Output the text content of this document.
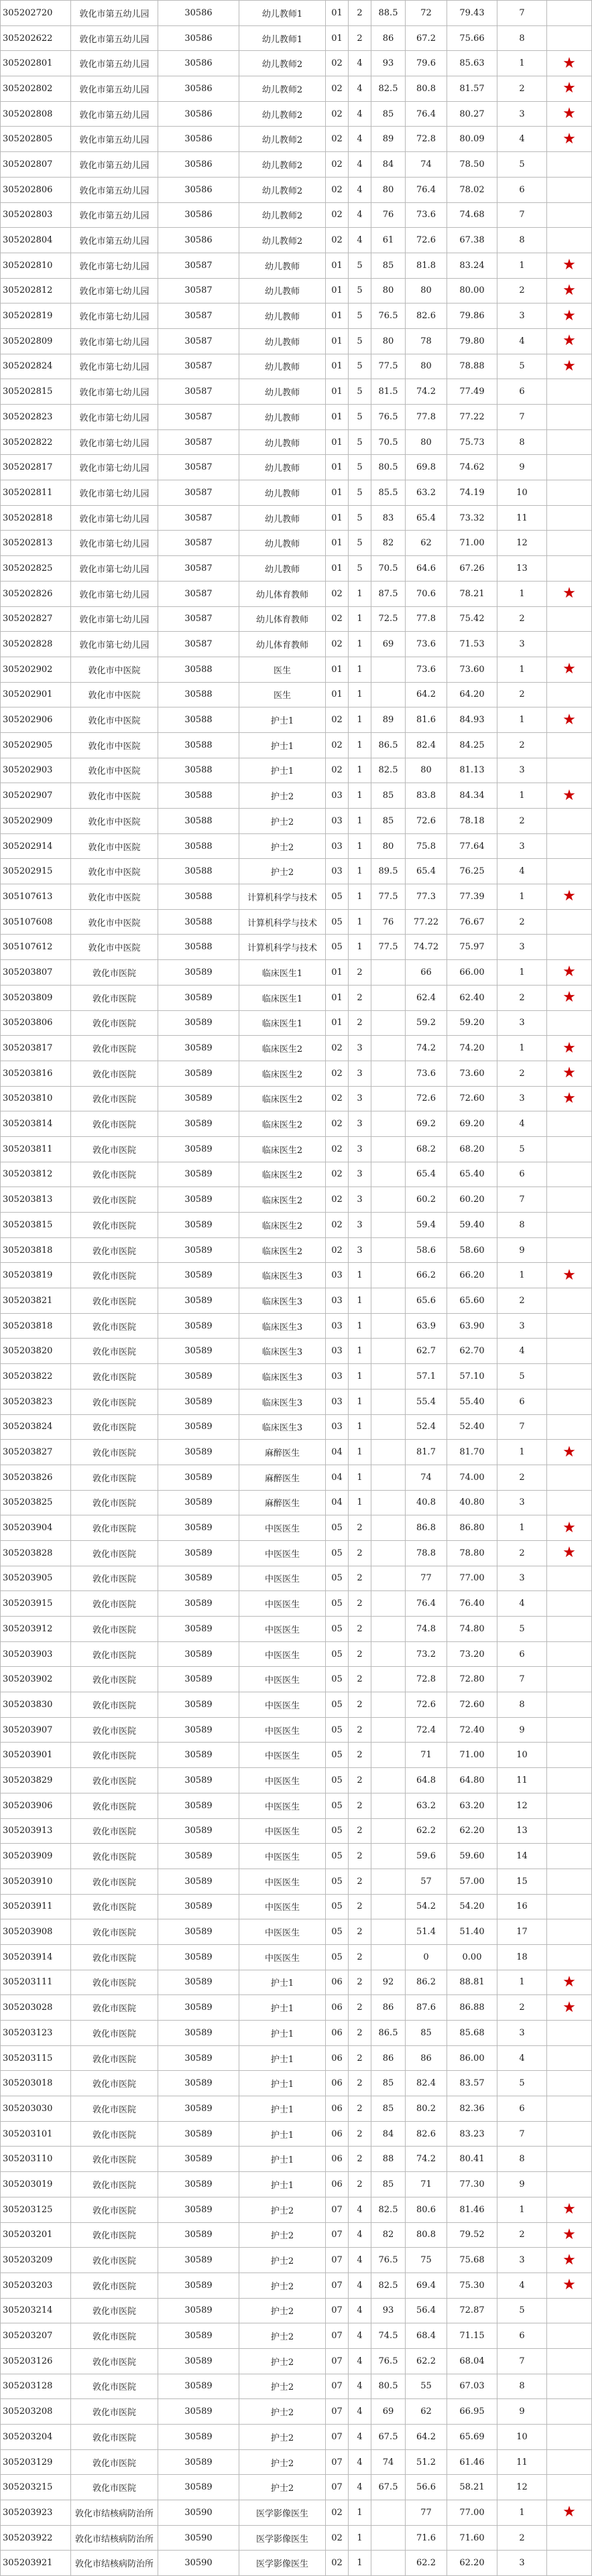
305202720	敦化市第五幼儿园	30586	幼儿教师1	01	2	88.5	72	79.43	7	
305202622	敦化市第五幼儿园	30586	幼儿教师1	01	2	86	67.2	75.66	8	
305202801	敦化市第五幼儿园	30586	幼儿教师2	02	4	93	79.6	85.63	1	★
305202802	敦化市第五幼儿园	30586	幼儿教师2	02	4	82.5	80.8	81.57	2	★
305202808	敦化市第五幼儿园	30586	幼儿教师2	02	4	85	76.4	80.27	3	★
305202805	敦化市第五幼儿园	30586	幼儿教师2	02	4	89	72.8	80.09	4	★
305202807	敦化市第五幼儿园	30586	幼儿教师2	02	4	84	74	78.50	5	
305202806	敦化市第五幼儿园	30586	幼儿教师2	02	4	80	76.4	78.02	6	
305202803	敦化市第五幼儿园	30586	幼儿教师2	02	4	76	73.6	74.68	7	
305202804	敦化市第五幼儿园	30586	幼儿教师2	02	4	61	72.6	67.38	8	
305202810	敦化市第七幼儿园	30587	幼儿教师	01	5	85	81.8	83.24	1	★
305202812	敦化市第七幼儿园	30587	幼儿教师	01	5	80	80	80.00	2	★
305202819	敦化市第七幼儿园	30587	幼儿教师	01	5	76.5	82.6	79.86	3	★
305202809	敦化市第七幼儿园	30587	幼儿教师	01	5	80	78	79.80	4	★
305202824	敦化市第七幼儿园	30587	幼儿教师	01	5	77.5	80	78.88	5	★
305202815	敦化市第七幼儿园	30587	幼儿教师	01	5	81.5	74.2	77.49	6	
305202823	敦化市第七幼儿园	30587	幼儿教师	01	5	76.5	77.8	77.22	7	
305202822	敦化市第七幼儿园	30587	幼儿教师	01	5	70.5	80	75.73	8	
305202817	敦化市第七幼儿园	30587	幼儿教师	01	5	80.5	69.8	74.62	9	
305202811	敦化市第七幼儿园	30587	幼儿教师	01	5	85.5	63.2	74.19	10	
305202818	敦化市第七幼儿园	30587	幼儿教师	01	5	83	65.4	73.32	11	
305202813	敦化市第七幼儿园	30587	幼儿教师	01	5	82	62	71.00	12	
305202825	敦化市第七幼儿园	30587	幼儿教师	01	5	70.5	64.6	67.26	13	
305202826	敦化市第七幼儿园	30587	幼儿体育教师	02	1	87.5	70.6	78.21	1	★
305202827	敦化市第七幼儿园	30587	幼儿体育教师	02	1	72.5	77.8	75.42	2	
305202828	敦化市第七幼儿园	30587	幼儿体育教师	02	1	69	73.6	71.53	3	
305202902	敦化市中医院	30588	医生	01	1		73.6	73.60	1	★
305202901	敦化市中医院	30588	医生	01	1		64.2	64.20	2	
305202906	敦化市中医院	30588	护士1	02	1	89	81.6	84.93	1	★
305202905	敦化市中医院	30588	护士1	02	1	86.5	82.4	84.25	2	
305202903	敦化市中医院	30588	护士1	02	1	82.5	80	81.13	3	
305202907	敦化市中医院	30588	护士2	03	1	85	83.8	84.34	1	★
305202909	敦化市中医院	30588	护士2	03	1	85	72.6	78.18	2	
305202914	敦化市中医院	30588	护士2	03	1	80	75.8	77.64	3	
305202915	敦化市中医院	30588	护士2	03	1	89.5	65.4	76.25	4	
305107613	敦化市中医院	30588	计算机科学与技术	05	1	77.5	77.3	77.39	1	★
305107608	敦化市中医院	30588	计算机科学与技术	05	1	76	77.22	76.67	2	
305107612	敦化市中医院	30588	计算机科学与技术	05	1	77.5	74.72	75.97	3	
305203807	敦化市医院	30589	临床医生1	01	2		66	66.00	1	★
305203809	敦化市医院	30589	临床医生1	01	2		62.4	62.40	2	★
305203806	敦化市医院	30589	临床医生1	01	2		59.2	59.20	3	
305203817	敦化市医院	30589	临床医生2	02	3		74.2	74.20	1	★
305203816	敦化市医院	30589	临床医生2	02	3		73.6	73.60	2	★
305203810	敦化市医院	30589	临床医生2	02	3		72.6	72.60	3	★
305203814	敦化市医院	30589	临床医生2	02	3		69.2	69.20	4	
305203811	敦化市医院	30589	临床医生2	02	3		68.2	68.20	5	
305203812	敦化市医院	30589	临床医生2	02	3		65.4	65.40	6	
305203813	敦化市医院	30589	临床医生2	02	3		60.2	60.20	7	
305203815	敦化市医院	30589	临床医生2	02	3		59.4	59.40	8	
305203818	敦化市医院	30589	临床医生2	02	3		58.6	58.60	9	
305203819	敦化市医院	30589	临床医生3	03	1		66.2	66.20	1	★
305203821	敦化市医院	30589	临床医生3	03	1		65.6	65.60	2	
305203818	敦化市医院	30589	临床医生3	03	1		63.9	63.90	3	
305203820	敦化市医院	30589	临床医生3	03	1		62.7	62.70	4	
305203822	敦化市医院	30589	临床医生3	03	1		57.1	57.10	5	
305203823	敦化市医院	30589	临床医生3	03	1		55.4	55.40	6	
305203824	敦化市医院	30589	临床医生3	03	1		52.4	52.40	7	
305203827	敦化市医院	30589	麻醉医生	04	1		81.7	81.70	1	★
305203826	敦化市医院	30589	麻醉医生	04	1		74	74.00	2	
305203825	敦化市医院	30589	麻醉医生	04	1		40.8	40.80	3	
305203904	敦化市医院	30589	中医医生	05	2		86.8	86.80	1	★
305203828	敦化市医院	30589	中医医生	05	2		78.8	78.80	2	★
305203905	敦化市医院	30589	中医医生	05	2		77	77.00	3	
305203915	敦化市医院	30589	中医医生	05	2		76.4	76.40	4	
305203912	敦化市医院	30589	中医医生	05	2		74.8	74.80	5	
305203903	敦化市医院	30589	中医医生	05	2		73.2	73.20	6	
305203902	敦化市医院	30589	中医医生	05	2		72.8	72.80	7	
305203830	敦化市医院	30589	中医医生	05	2		72.6	72.60	8	
305203907	敦化市医院	30589	中医医生	05	2		72.4	72.40	9	
305203901	敦化市医院	30589	中医医生	05	2		71	71.00	10	
305203829	敦化市医院	30589	中医医生	05	2		64.8	64.80	11	
305203906	敦化市医院	30589	中医医生	05	2		63.2	63.20	12	
305203913	敦化市医院	30589	中医医生	05	2		62.2	62.20	13	
305203909	敦化市医院	30589	中医医生	05	2		59.6	59.60	14	
305203910	敦化市医院	30589	中医医生	05	2		57	57.00	15	
305203911	敦化市医院	30589	中医医生	05	2		54.2	54.20	16	
305203908	敦化市医院	30589	中医医生	05	2		51.4	51.40	17	
305203914	敦化市医院	30589	中医医生	05	2		0	0.00	18	
305203111	敦化市医院	30589	护士1	06	2	92	86.2	88.81	1	★
305203028	敦化市医院	30589	护士1	06	2	86	87.6	86.88	2	★
305203123	敦化市医院	30589	护士1	06	2	86.5	85	85.68	3	
305203115	敦化市医院	30589	护士1	06	2	86	86	86.00	4	
305203018	敦化市医院	30589	护士1	06	2	85	82.4	83.57	5	
305203030	敦化市医院	30589	护士1	06	2	85	80.2	82.36	6	
305203101	敦化市医院	30589	护士1	06	2	84	82.6	83.23	7	
305203110	敦化市医院	30589	护士1	06	2	88	74.2	80.41	8	
305203019	敦化市医院	30589	护士1	06	2	85	71	77.30	9	
305203125	敦化市医院	30589	护士2	07	4	82.5	80.6	81.46	1	★
305203201	敦化市医院	30589	护士2	07	4	82	80.8	79.52	2	★
305203209	敦化市医院	30589	护士2	07	4	76.5	75	75.68	3	★
305203203	敦化市医院	30589	护士2	07	4	82.5	69.4	75.30	4	★
305203214	敦化市医院	30589	护士2	07	4	93	56.4	72.87	5	
305203207	敦化市医院	30589	护士2	07	4	74.5	68.4	71.15	6	
305203126	敦化市医院	30589	护士2	07	4	76.5	62.2	68.04	7	
305203128	敦化市医院	30589	护士2	07	4	80.5	55	67.03	8	
305203208	敦化市医院	30589	护士2	07	4	69	62	66.95	9	
305203204	敦化市医院	30589	护士2	07	4	67.5	64.2	65.69	10	
305203129	敦化市医院	30589	护士2	07	4	74	51.2	61.46	11	
305203215	敦化市医院	30589	护士2	07	4	67.5	56.6	58.21	12	
305203923	敦化市结核病防治所	30590	医学影像医生	02	1		77	77.00	1	★
305203922	敦化市结核病防治所	30590	医学影像医生	02	1		71.6	71.60	2	
305203921	敦化市结核病防治所	30590	医学影像医生	02	1		62.2	62.20	3	
